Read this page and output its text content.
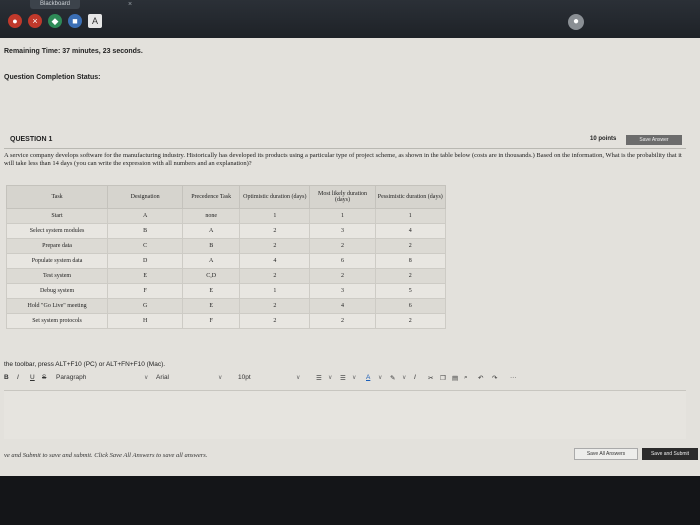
Blackboard	×
●	×	◆	■	A	●
Remaining Time: 37 minutes, 23 seconds.
Question Completion Status:
QUESTION 1	10 points	Save Answer
A service company develops software for the manufacturing industry. Historically has developed its products using a particular type of project scheme, as shown in the table below (costs are in thousands.) Based on the information, What is the probability that it will take less than 14 days (you can write the expression with all numbers and an explanation)?
Task	Designation	Precedence Task	Optimistic duration (days)	Most likely duration (days)	Pessimistic duration (days)
Start	A	none	1	1	1
Select system modules	B	A	2	3	4
Prepare data	C	B	2	2	2
Populate system data	D	A	4	6	8
Test system	E	C,D	2	2	2
Debug system	F	E	1	3	5
Hold "Go Live" meeting	G	E	2	4	6
Set system protocols	H	F	2	2	2
the toolbar, press ALT+F10 (PC) or ALT+FN+F10 (Mac).
B I U S Paragraph	∨ Arial	∨ 10pt	∨ ☰ ∨ ☰ ∨ A ∨ ✎ ∨ I ✂ ❐ ▤ ⌕ ↶ ↷ ···
ve and Submit to save and submit. Click Save All Answers to save all answers.	Save All Answers	Save and Submit
